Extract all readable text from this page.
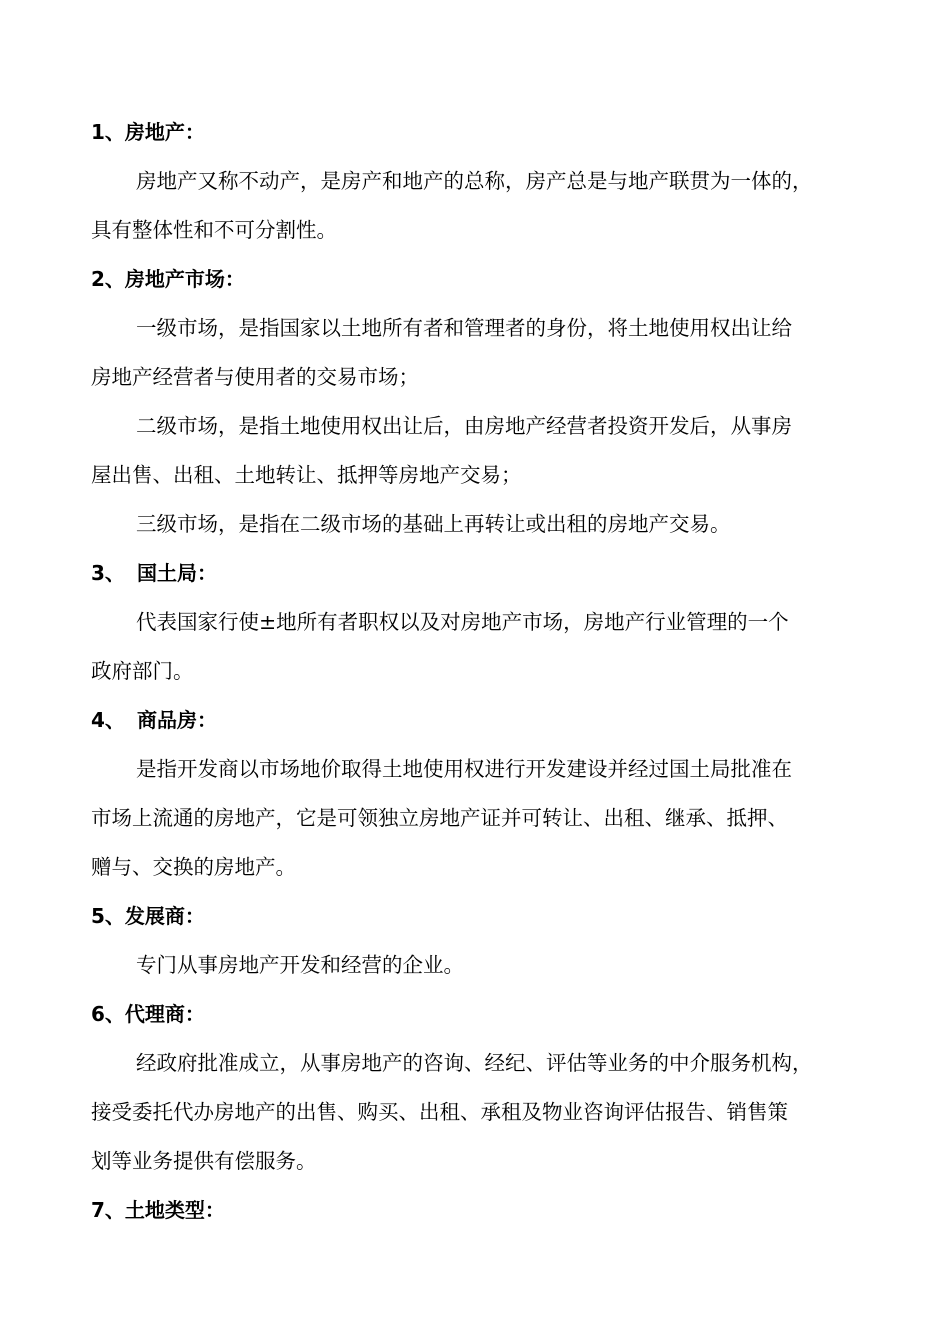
1、房地产：
房地产又称不动产，是房产和地产的总称，房产总是与地产联贯为一体的，
具有整体性和不可分割性。
2、房地产市场：
一级市场，是指国家以土地所有者和管理者的身份，将土地使用权出让给
房地产经营者与使用者的交易市场；
二级市场，是指土地使用权出让后，由房地产经营者投资开发后，从事房
屋出售、出租、土地转让、抵押等房地产交易；
三级市场，是指在二级市场的基础上再转让或出租的房地产交易。
3、 国土局：
代表国家行使±地所有者职权以及对房地产市场，房地产行业管理的一个
政府部门。
4、 商品房：
是指开发商以市场地价取得土地使用权进行开发建设并经过国土局批准在
市场上流通的房地产，它是可领独立房地产证并可转让、出租、继承、抵押、
赠与、交换的房地产。
5、发展商：
专门从事房地产开发和经营的企业。
6、代理商：
经政府批准成立，从事房地产的咨询、经纪、评估等业务的中介服务机构，
接受委托代办房地产的出售、购买、出租、承租及物业咨询评估报告、销售策
划等业务提供有偿服务。
7、土地类型：
